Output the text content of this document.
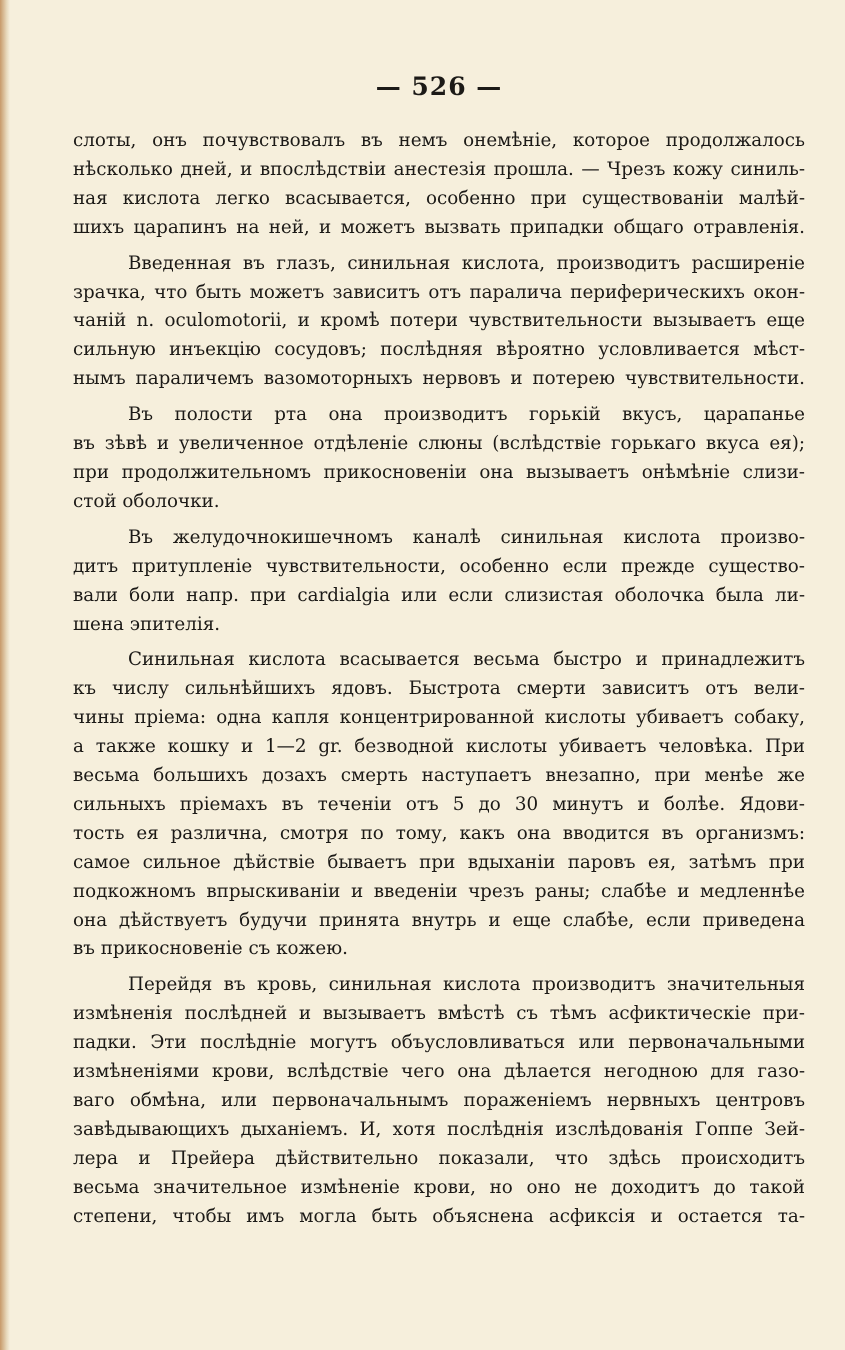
— 526 —
слоты, онъ почувствовалъ въ немъ онемѣніе, которое продолжалось
нѣсколько дней, и впослѣдствіи анестезія прошла. — Чрезъ кожу синиль-
ная кислота легко всасывается, особенно при существованіи малѣй-
шихъ царапинъ на ней, и можетъ вызвать припадки общаго отравленія.
Введенная въ глазъ, синильная кислота, производитъ расширеніе
зрачка, что быть можетъ зависитъ отъ паралича периферическихъ окон-
чаній n. oculomotorii, и кромѣ потери чувствительности вызываетъ еще
сильную инъекцію сосудовъ; послѣдняя вѣроятно условливается мѣст-
нымъ параличемъ вазомоторныхъ нервовъ и потерею чувствительности.
Въ полости рта она производитъ горькій вкусъ, царапанье
въ зѣвѣ и увеличенное отдѣленіе слюны (вслѣдствіе горькаго вкуса ея);
при продолжительномъ прикосновеніи она вызываетъ онѣмѣніе слизи-
стой оболочки.
Въ желудочнокишечномъ каналѣ синильная кислота произво-
дитъ притупленіе чувствительности, особенно если прежде существо-
вали боли напр. при cardialgia или если слизистая оболочка была ли-
шена эпителія.
Синильная кислота всасывается весьма быстро и принадлежитъ
къ числу сильнѣйшихъ ядовъ. Быстрота смерти зависитъ отъ вели-
чины пріема: одна капля концентрированной кислоты убиваетъ собаку,
а также кошку и 1—2 gr. безводной кислоты убиваетъ человѣка. При
весьма большихъ дозахъ смерть наступаетъ внезапно, при менѣе же
сильныхъ пріемахъ въ теченіи отъ 5 до 30 минутъ и болѣе. Ядови-
тость ея различна, смотря по тому, какъ она вводится въ организмъ:
самое сильное дѣйствіе бываетъ при вдыханіи паровъ ея, затѣмъ при
подкожномъ впрыскиваніи и введеніи чрезъ раны; слабѣе и медленнѣе
она дѣйствуетъ будучи принята внутрь и еще слабѣе, если приведена
въ прикосновеніе съ кожею.
Перейдя въ кровь, синильная кислота производитъ значительныя
измѣненія послѣдней и вызываетъ вмѣстѣ съ тѣмъ асфиктическіе при-
падки. Эти послѣдніе могутъ объусловливаться или первоначальными
измѣненіями крови, вслѣдствіе чего она дѣлается негодною для газо-
ваго обмѣна, или первоначальнымъ пораженіемъ нервныхъ центровъ
завѣдывающихъ дыханіемъ. И, хотя послѣднія изслѣдованія Гоппе Зей-
лера и Прейера дѣйствительно показали, что здѣсь происходитъ
весьма значительное измѣненіе крови, но оно не доходитъ до такой
степени, чтобы имъ могла быть объяснена асфиксія и остается та-
